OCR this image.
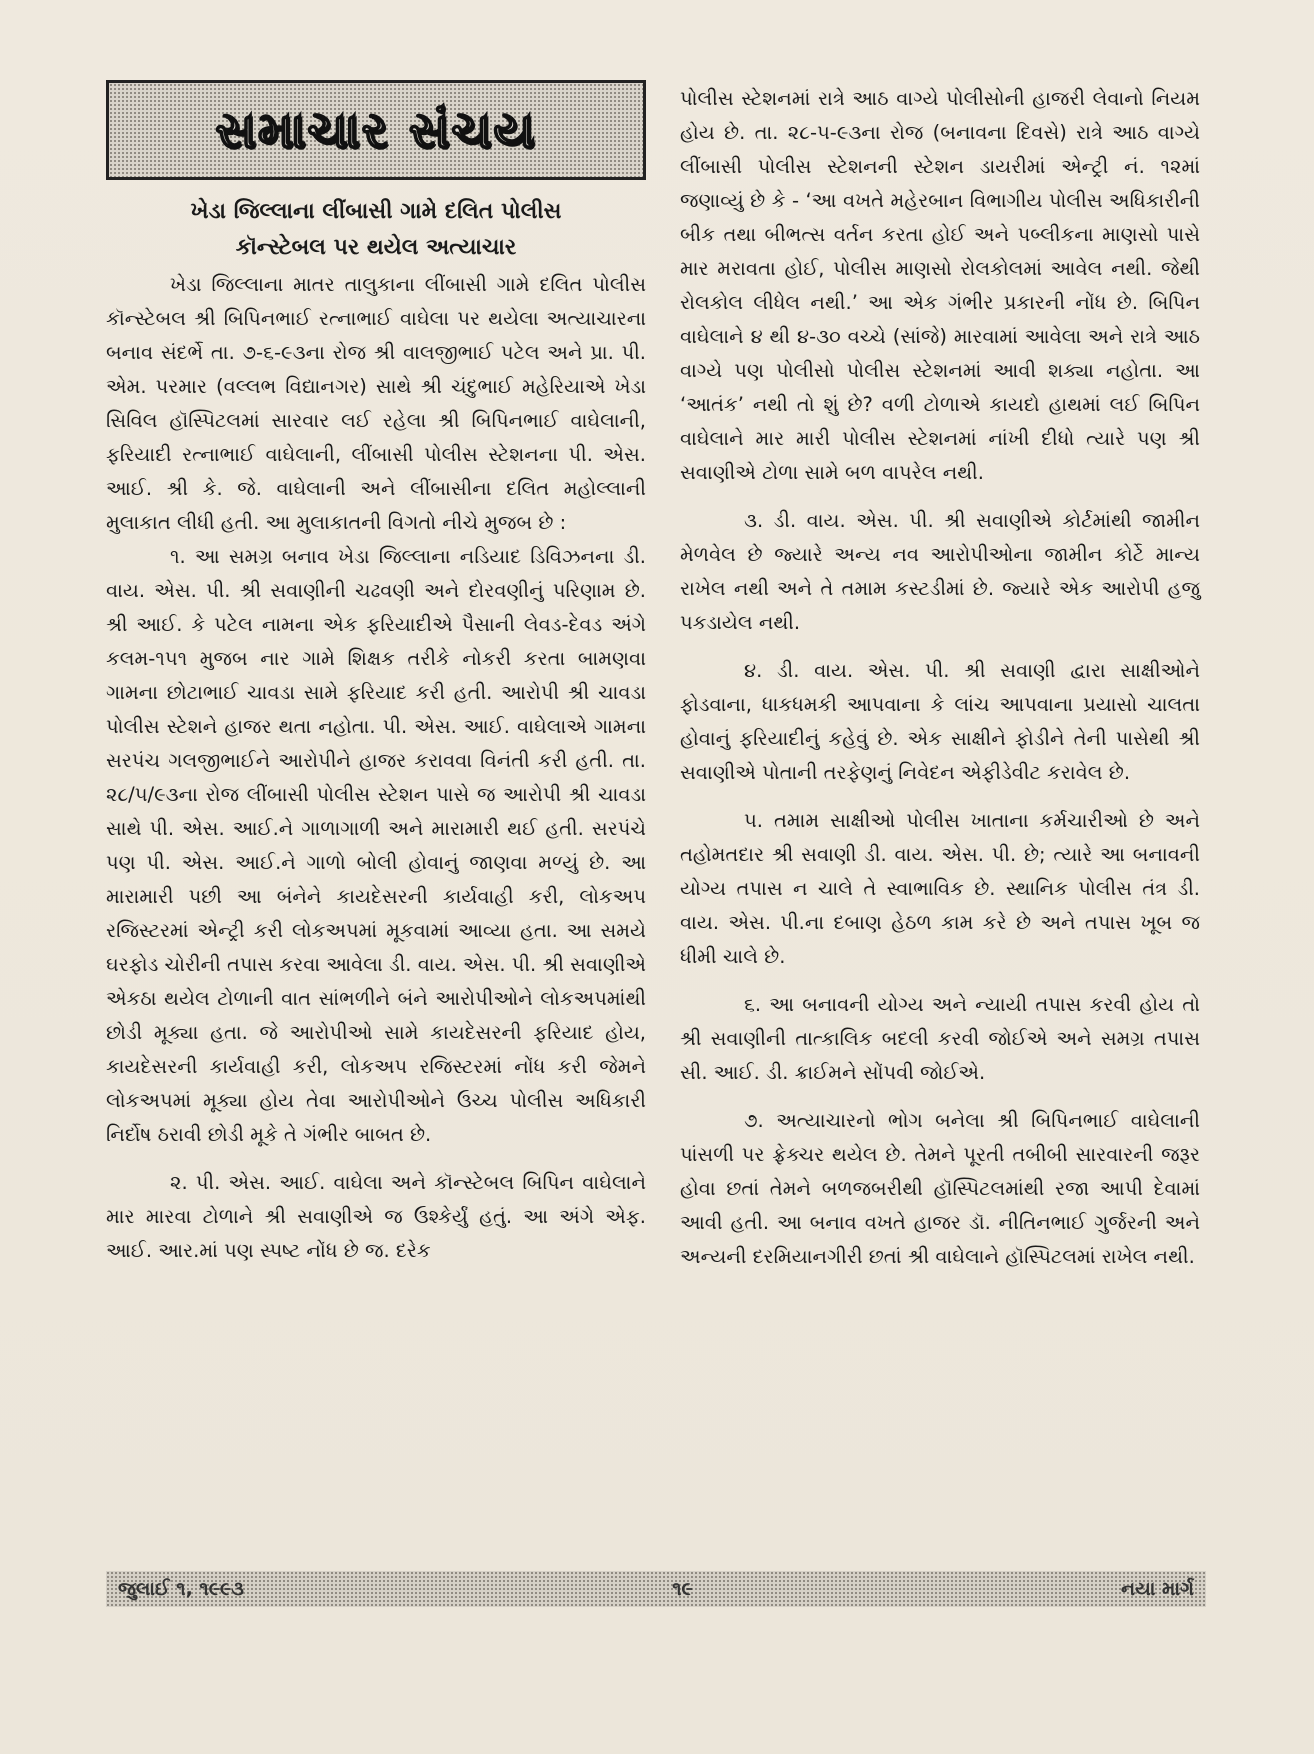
સમાચાર સંચય
ખેડા જિલ્લાના લીંબાસી ગામે દલિત પોલીસ
કૉન્સ્ટેબલ પર થયેલ અત્યાચાર

ખેડા જિલ્લાના માતર તાલુકાના લીંબાસી ગામે દલિત પોલીસ કૉન્સ્ટેબલ શ્રી બિપિનભાઈ રત્નાભાઈ વાઘેલા પર થયેલા અત્યાચારના બનાવ સંદર્ભે તા. ૭-૬-૯૩ના રોજ શ્રી વાલજીભાઈ પટેલ અને પ્રા. પી. એમ. પરમાર (વલ્લભ વિદ્યાનગર) સાથે શ્રી ચંદુભાઈ મહેરિયાએ ખેડા સિવિલ હૉસ્પિટલમાં સારવાર લઈ રહેલા શ્રી બિપિનભાઈ વાઘેલાની, ફરિયાદી રત્નાભાઈ વાઘેલાની, લીંબાસી પોલીસ સ્ટેશનના પી. એસ. આઈ. શ્રી કે. જે. વાઘેલાની અને લીંબાસીના દલિત મહોલ્લાની મુલાકાત લીધી હતી. આ મુલાકાતની વિગતો નીચે મુજબ છે :

૧. આ સમગ્ર બનાવ ખેડા જિલ્લાના નડિયાદ ડિવિઝનના ડી. વાય. એસ. પી. શ્રી સવાણીની ચઢવણી અને દોરવણીનું પરિણામ છે. શ્રી આઈ. કે પટેલ નામના એક ફરિયાદીએ પૈસાની લેવડ-દેવડ અંગે કલમ-૧૫૧ મુજબ નાર ગામે શિક્ષક તરીકે નોકરી કરતા બામણવા ગામના છોટાભાઈ ચાવડા સામે ફરિયાદ કરી હતી. આરોપી શ્રી ચાવડા પોલીસ સ્ટેશને હાજર થતા નહોતા. પી. એસ. આઈ. વાઘેલાએ ગામના સરપંચ ગલજીભાઈને આરોપીને હાજર કરાવવા વિનંતી કરી હતી. તા. ૨૮/૫/૯૩ના રોજ લીંબાસી પોલીસ સ્ટેશન પાસે જ આરોપી શ્રી ચાવડા સાથે પી. એસ. આઈ.ને ગાળાગાળી અને મારામારી થઈ હતી. સરપંચે પણ પી. એસ. આઈ.ને ગાળો બોલી હોવાનું જાણવા મળ્યું છે. આ મારામારી પછી આ બંનેને કાયદેસરની કાર્યવાહી કરી, લોકઅપ રજિસ્ટરમાં એન્ટ્રી કરી લોકઅપમાં મૂકવામાં આવ્યા હતા. આ સમયે ઘરફોડ ચોરીની તપાસ કરવા આવેલા ડી. વાય. એસ. પી. શ્રી સવાણીએ એકઠા થયેલ ટોળાની વાત સાંભળીને બંને આરોપીઓને લોકઅપમાંથી છોડી મૂક્યા હતા. જે આરોપીઓ સામે કાયદેસરની ફરિયાદ હોય, કાયદેસરની કાર્યવાહી કરી, લોકઅપ રજિસ્ટરમાં નોંધ કરી જેમને લોકઅપમાં મૂક્યા હોય તેવા આરોપીઓને ઉચ્ચ પોલીસ અધિકારી નિર્દોષ ઠરાવી છોડી મૂકે તે ગંભીર બાબત છે.

૨. પી. એસ. આઈ. વાઘેલા અને કૉન્સ્ટેબલ બિપિન વાઘેલાને માર મારવા ટોળાને શ્રી સવાણીએ જ ઉશ્કેર્યું હતું. આ અંગે એફ. આઈ. આર.માં પણ સ્પષ્ટ નોંધ છે જ. દરેક

પોલીસ સ્ટેશનમાં રાત્રે આઠ વાગ્યે પોલીસોની હાજરી લેવાનો નિયમ હોય છે. તા. ૨૮-૫-૯૩ના રોજ (બનાવના દિવસે) રાત્રે આઠ વાગ્યે લીંબાસી પોલીસ સ્ટેશનની સ્ટેશન ડાયરીમાં એન્ટ્રી નં. ૧૨માં જણાવ્યું છે કે - ‘આ વખતે મહેરબાન વિભાગીય પોલીસ અધિકારીની બીક તથા બીભત્સ વર્તન કરતા હોઈ અને પબ્લીકના માણસો પાસે માર મરાવતા હોઈ, પોલીસ માણસો રોલકોલમાં આવેલ નથી. જેથી રોલકોલ લીધેલ નથી.’ આ એક ગંભીર પ્રકારની નોંધ છે. બિપિન વાઘેલાને ૪ થી ૪-૩૦ વચ્ચે (સાંજે) મારવામાં આવેલા અને રાત્રે આઠ વાગ્યે પણ પોલીસો પોલીસ સ્ટેશનમાં આવી શક્યા નહોતા. આ ‘આતંક’ નથી તો શું છે? વળી ટોળાએ કાયદો હાથમાં લઈ બિપિન વાઘેલાને માર મારી પોલીસ સ્ટેશનમાં નાંખી દીધો ત્યારે પણ શ્રી સવાણીએ ટોળા સામે બળ વાપરેલ નથી.

૩. ડી. વાય. એસ. પી. શ્રી સવાણીએ કોર્ટમાંથી જામીન મેળવેલ છે જ્યારે અન્ય નવ આરોપીઓના જામીન કોર્ટે માન્ય રાખેલ નથી અને તે તમામ કસ્ટડીમાં છે. જ્યારે એક આરોપી હજુ પકડાયેલ નથી.

૪. ડી. વાય. એસ. પી. શ્રી સવાણી દ્વારા સાક્ષીઓને ફોડવાના, ધાકધમકી આપવાના કે લાંચ આપવાના પ્રયાસો ચાલતા હોવાનું ફરિયાદીનું કહેવું છે. એક સાક્ષીને ફોડીને તેની પાસેથી શ્રી સવાણીએ પોતાની તરફેણનું નિવેદન એફીડેવીટ કરાવેલ છે.

૫. તમામ સાક્ષીઓ પોલીસ ખાતાના કર્મચારીઓ છે અને તહોમતદાર શ્રી સવાણી ડી. વાય. એસ. પી. છે; ત્યારે આ બનાવની યોગ્ય તપાસ ન ચાલે તે સ્વાભાવિક છે. સ્થાનિક પોલીસ તંત્ર ડી. વાય. એસ. પી.ના દબાણ હેઠળ કામ કરે છે અને તપાસ ખૂબ જ ધીમી ચાલે છે.

૬. આ બનાવની યોગ્ય અને ન્યાયી તપાસ કરવી હોય તો શ્રી સવાણીની તાત્કાલિક બદલી કરવી જોઈએ અને સમગ્ર તપાસ સી. આઈ. ડી. ક્રાઈમને સોંપવી જોઈએ.

૭. અત્યાચારનો ભોગ બનેલા શ્રી બિપિનભાઈ વાઘેલાની પાંસળી પર ફ્રેક્ચર થયેલ છે. તેમને પૂરતી તબીબી સારવારની જરૂર હોવા છતાં તેમને બળજબરીથી હૉસ્પિટલમાંથી રજા આપી દેવામાં આવી હતી. આ બનાવ વખતે હાજર ડૉ. નીતિનભાઈ ગુર્જરની અને અન્યની દરમિયાનગીરી છતાં શ્રી વાઘેલાને હૉસ્પિટલમાં રાખેલ નથી.

જુલાઈ ૧, ૧૯૯૩	૧૯	નયા માર્ગ
